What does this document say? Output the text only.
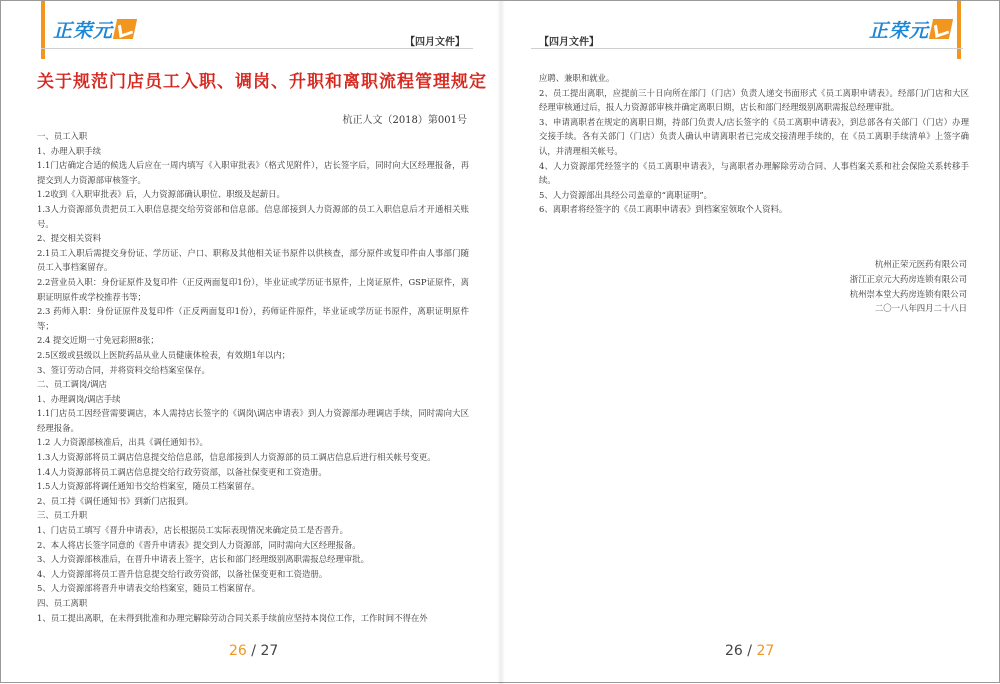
正荣元
【四月文件】
关于规范门店员工入职、调岗、升职和离职流程管理规定
杭正人文（2018）第001号

一、员工入职

1、办理入职手续

1.1门店确定合适的候选人后应在一周内填写《入职审批表》（格式见附件），店长签字后，同时向大区经理报备，再提交到人力资源部审核签字。

1.2收到《入职审批表》后，人力资源部确认职位、职级及起薪日。

1.3人力资源部负责把员工入职信息提交给劳资部和信息部。信息部接到人力资源部的员工入职信息后才开通相关账号。

2、提交相关资料

2.1员工入职后需提交身份证、学历证、户口、职称及其他相关证书原件以供核查，部分原件或复印件由人事部门随员工入事档案留存。

2.2营业员入职：身份证原件及复印件（正反两面复印1份），毕业证或学历证书原件，上岗证原件，GSP证原件，离职证明原件或学校推荐书等；

2.3 药师入职：身份证原件及复印件（正反两面复印1份），药师证件原件，毕业证或学历证书原件，离职证明原件等；

2.4 提交近期一寸免冠彩照8张；

2.5区级或县级以上医院药品从业人员健康体检表，有效期1年以内；

3、签订劳动合同，并将资料交给档案室保存。

二、员工调岗/调店

1、办理调岗/调店手续

1.1门店员工因经营需要调店，本人需持店长签字的《调岗\调店申请表》到人力资源部办理调店手续，同时需向大区经理报备。

1.2 人力资源部核准后，出具《调任通知书》。

1.3人力资源部将员工调店信息提交给信息部，信息部接到人力资源部的员工调店信息后进行相关帐号变更。

1.4人力资源部将员工调店信息提交给行政劳资部，以备社保变更和工资造册。

1.5人力资源部将调任通知书交给档案室，随员工档案留存。

2、员工持《调任通知书》到新门店报到。

三、员工升职

1、门店员工填写《晋升申请表》，店长根据员工实际表现情况来确定员工是否晋升。

2、本人将店长签字同意的《晋升申请表》提交到人力资源部，同时需向大区经理报备。

3、人力资源部核准后，在晋升申请表上签字，店长和部门经理级别离职需报总经理审批。

4、人力资源部将员工晋升信息提交给行政劳资部，以备社保变更和工资造册。

5、人力资源部将晋升申请表交给档案室，随员工档案留存。

四、员工离职

1、员工提出离职，在未得到批准和办理完解除劳动合同关系手续前应坚持本岗位工作，工作时间不得在外

26 / 27
【四月文件】
正荣元
26 / 27

应聘、兼职和就业。

2、员工提出离职，应提前三十日向所在部门（门店）负责人递交书面形式《员工离职申请表》。经部门/门店和大区经理审核通过后，报人力资源部审核并确定离职日期，店长和部门经理级别离职需报总经理审批。

3、申请离职者在规定的离职日期，持部门负责人/店长签字的《员工离职申请表》，到总部各有关部门（门店）办理交接手续。各有关部门（门店）负责人确认申请离职者已完成交接清理手续的，在《员工离职手续清单》上签字确认，并清理相关帐号。

4、人力资源部凭经签字的《员工离职申请表》，与离职者办理解除劳动合同、人事档案关系和社会保险关系转移手续。

5、人力资源部出具经公司盖章的“离职证明”。

6、离职者将经签字的《员工离职申请表》到档案室领取个人资料。

杭州正荣元医药有限公司
浙江正京元大药房连锁有限公司
杭州崇本堂大药房连锁有限公司
二〇一八年四月二十八日
